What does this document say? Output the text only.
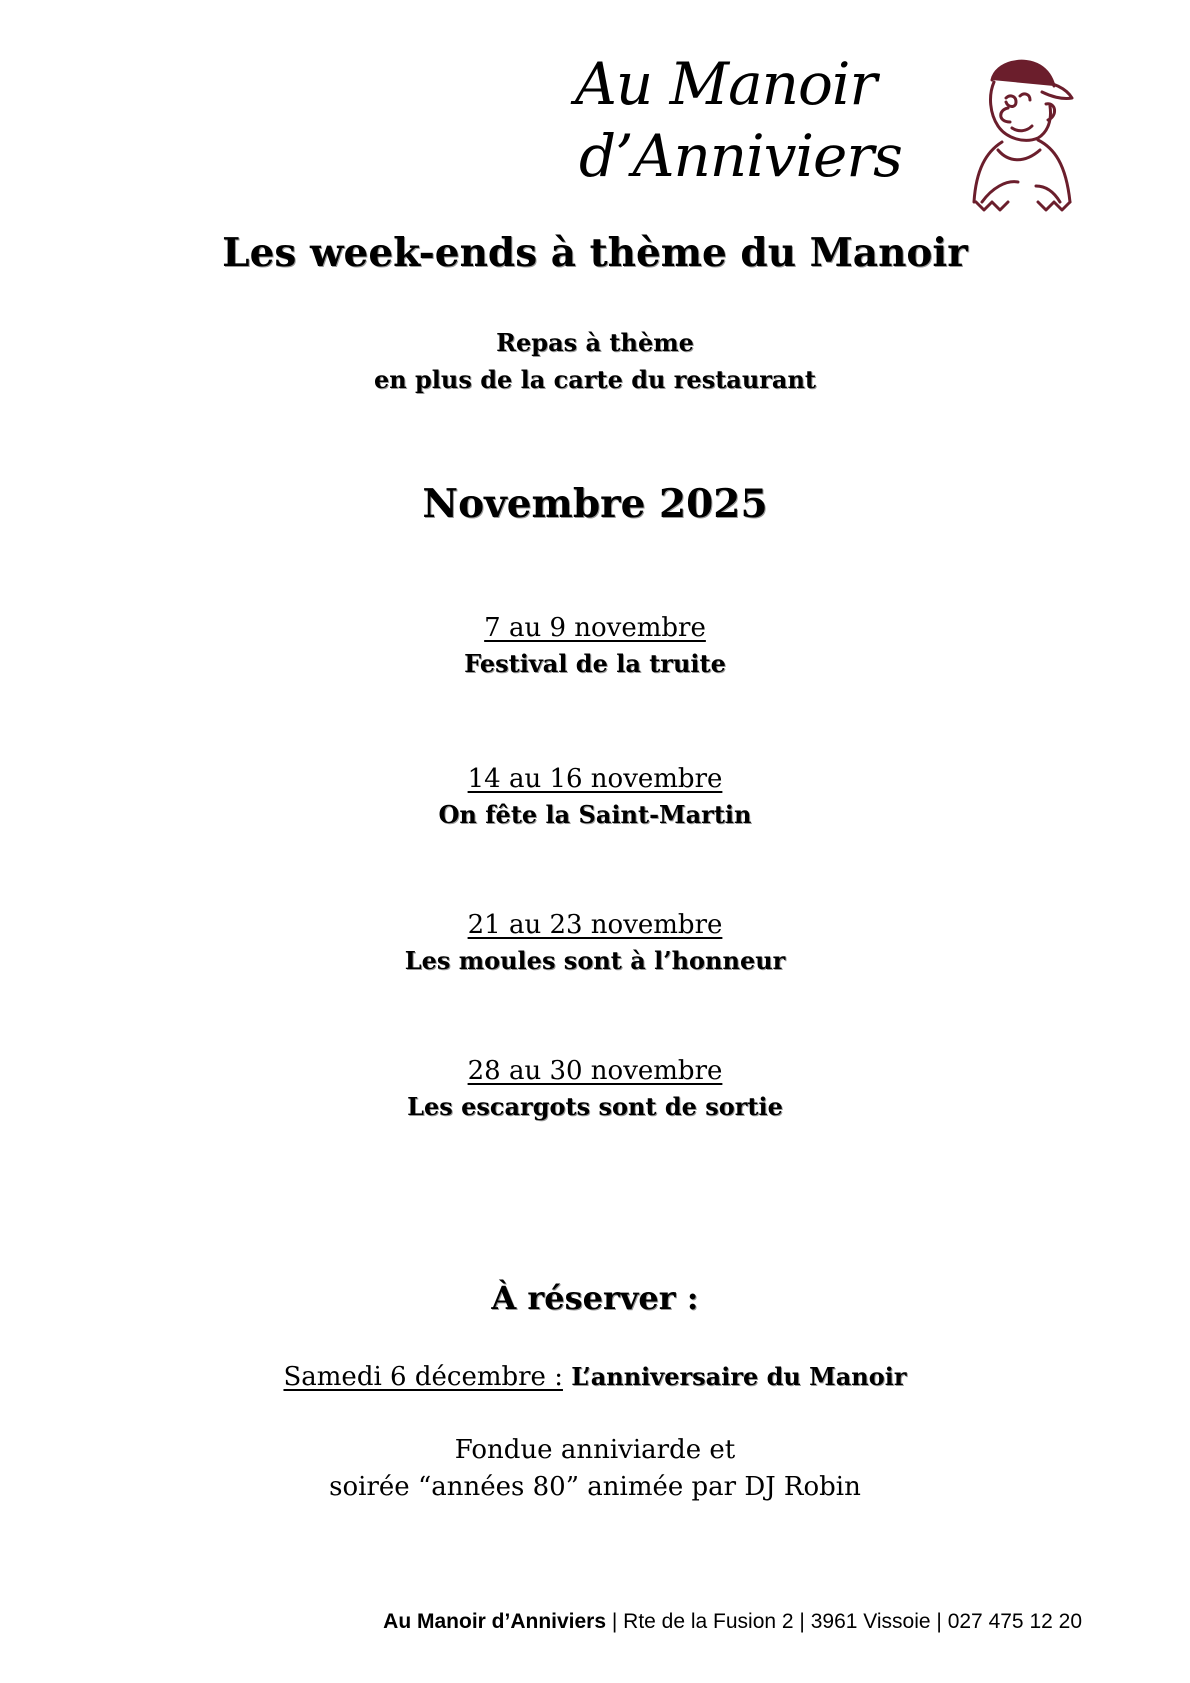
Au Manoir
d’Anniviers
Les week-ends à thème du Manoir
Repas à thème
en plus de la carte du restaurant
Novembre 2025
7 au 9 novembre
Festival de la truite
14 au 16 novembre
On fête la Saint-Martin
21 au 23 novembre
Les moules sont à l’honneur
28 au 30 novembre
Les escargots sont de sortie
À réserver :
Samedi 6 décembre : L’anniversaire du Manoir
Fondue anniviarde et
soirée “années 80” animée par DJ Robin
Au Manoir d’Anniviers | Rte de la Fusion 2 | 3961 Vissoie | 027 475 12 20
